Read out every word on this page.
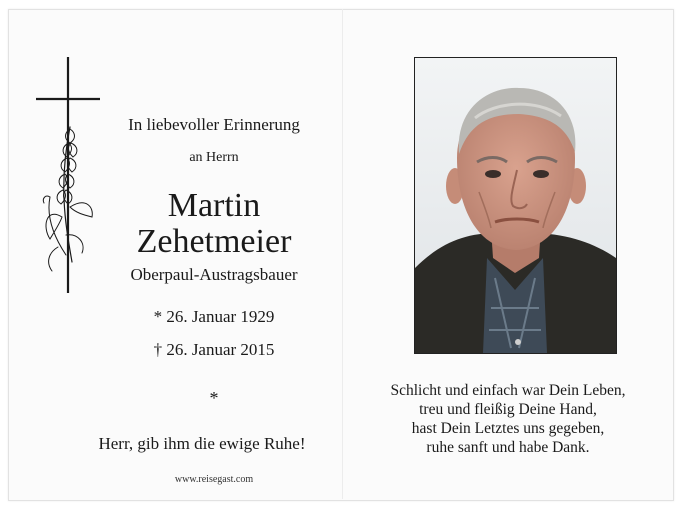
In liebevoller Erinnerung
an Herrn
Martin
Zehetmeier
Oberpaul-Austragsbauer
* 26. Januar 1929
† 26. Januar 2015
*
Herr, gib ihm die ewige Ruhe!
www.reisegast.com
Schlicht und einfach war Dein Leben,
treu und fleißig Deine Hand,
hast Dein Letztes uns gegeben,
ruhe sanft und habe Dank.
